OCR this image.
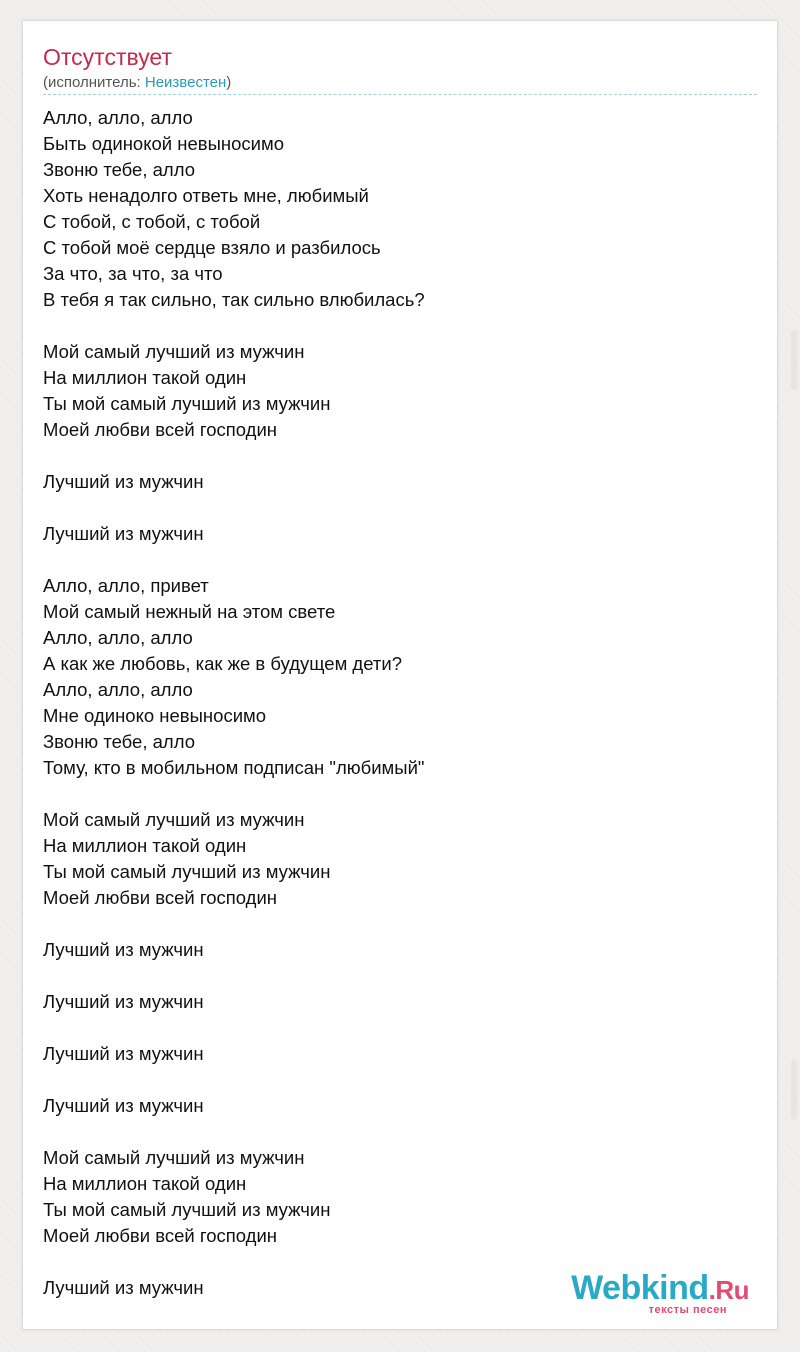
Отсутствует
(исполнитель: Неизвестен)
Алло, алло, алло
Быть одинокой невыносимо
Звоню тебе, алло
Хоть ненадолго ответь мне, любимый
С тобой, с тобой, с тобой
С тобой моё сердце взяло и разбилось
За что, за что, за что
В тебя я так сильно, так сильно влюбилась?
Мой самый лучший из мужчин
На миллион такой один
Ты мой самый лучший из мужчин
Моей любви всей господин
Лучший из мужчин
Лучший из мужчин
Алло, алло, привет
Мой самый нежный на этом свете
Алло, алло, алло
А как же любовь, как же в будущем дети?
Алло, алло, алло
Мне одиноко невыносимо
Звоню тебе, алло
Тому, кто в мобильном подписан "любимый"
Мой самый лучший из мужчин
На миллион такой один
Ты мой самый лучший из мужчин
Моей любви всей господин
Лучший из мужчин
Лучший из мужчин
Лучший из мужчин
Лучший из мужчин
Мой самый лучший из мужчин
На миллион такой один
Ты мой самый лучший из мужчин
Моей любви всей господин
Лучший из мужчин	Webkind.Ru
тексты песен
